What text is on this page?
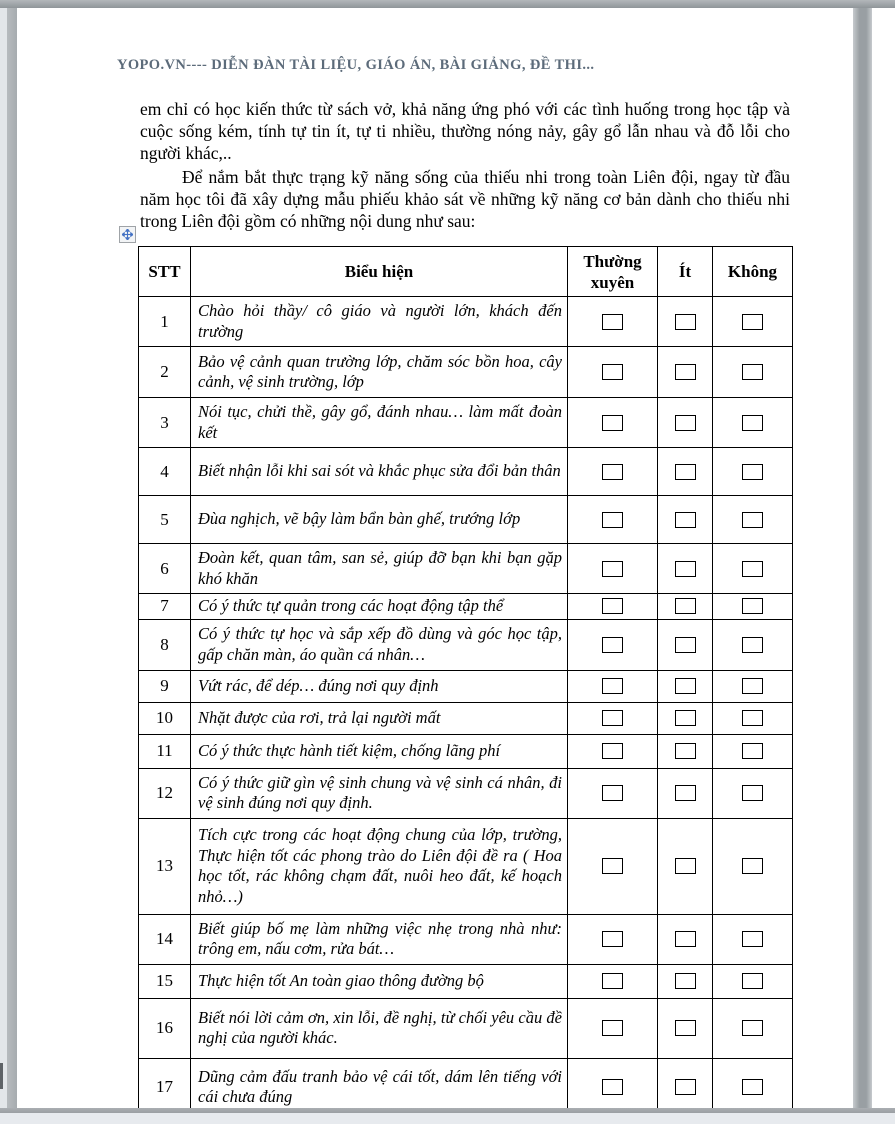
YOPO.VN---- DIỄN ĐÀN TÀI LIỆU, GIÁO ÁN, BÀI GIẢNG, ĐỀ THI...

em chỉ có học kiến thức từ sách vở, khả năng ứng phó với các tình huống trong học tập và cuộc sống kém, tính tự tin ít, tự ti nhiều, thường nóng nảy, gây gổ lẫn nhau và đỗ lỗi cho người khác,..

Để nắm bắt thực trạng kỹ năng sống của thiếu nhi trong toàn Liên đội, ngay từ đầu năm học tôi đã xây dựng mẫu phiếu khảo sát về những kỹ năng cơ bản dành cho thiếu nhi trong Liên đội gồm có những nội dung như sau:

STT	Biểu hiện	Thường xuyên	Ít	Không
1	Chào hỏi thầy/ cô giáo và người lớn, khách đến trường			
2	Bảo vệ cảnh quan trường lớp, chăm sóc bồn hoa, cây cảnh, vệ sinh trường, lớp			
3	Nói tục, chửi thề, gây gổ, đánh nhau… làm mất đoàn kết			
4	Biết nhận lỗi khi sai sót và khắc phục sửa đổi bản thân			
5	Đùa nghịch, vẽ bậy làm bẩn bàn ghế, trướng lớp			
6	Đoàn kết, quan tâm, san sẻ, giúp đỡ bạn khi bạn gặp khó khăn			
7	Có ý thức tự quản trong các hoạt động tập thể			
8	Có ý thức tự học và sắp xếp đồ dùng và góc học tập, gấp chăn màn, áo quần cá nhân…			
9	Vứt rác, để dép… đúng nơi quy định			
10	Nhặt được của rơi, trả lại người mất			
11	Có ý thức thực hành tiết kiệm, chống lãng phí			
12	Có ý thức giữ gìn vệ sinh chung và vệ sinh cá nhân, đi vệ sinh đúng nơi quy định.			
13	Tích cực trong các hoạt động chung của lớp, trường, Thực hiện tốt các phong trào do Liên đội đề ra ( Hoa học tốt, rác không chạm đất, nuôi heo đất, kế hoạch nhỏ…)			
14	Biết giúp bố mẹ làm những việc nhẹ trong nhà như: trông em, nấu cơm, rửa bát…			
15	Thực hiện tốt An toàn giao thông đường bộ			
16	Biết nói lời cảm ơn, xin lỗi, đề nghị, từ chối yêu cầu đề nghị của người khác.			
17	Dũng cảm đấu tranh bảo vệ cái tốt, dám lên tiếng với cái chưa đúng			
